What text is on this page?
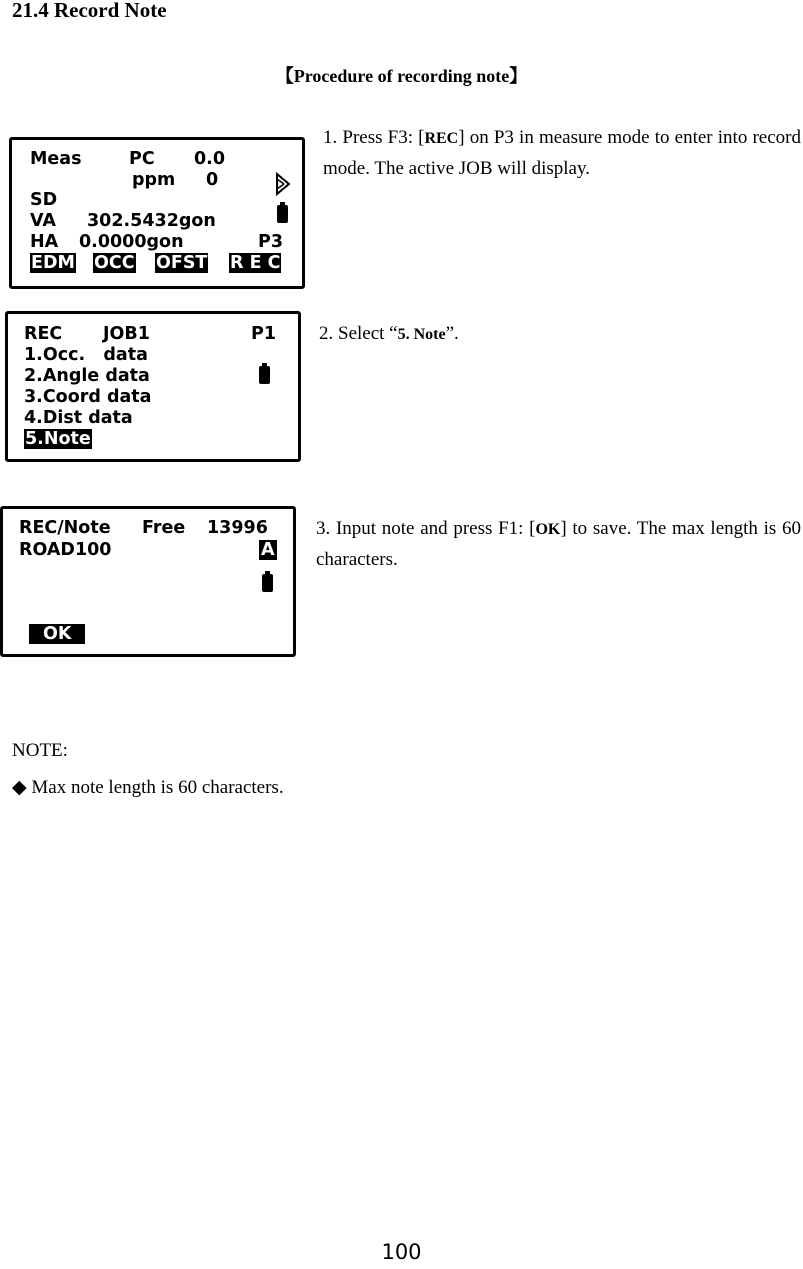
21.4 Record Note
【Procedure of recording note】
Meas	PC 0.0
ppm 0
SD
VA 302.5432gon
HA 0.0000gon	P3
EDM OCC OFST R E C
1. Press F3: [REC] on P3 in measure mode to enter into record mode. The active JOB will display.
REC JOB1	P1
1.Occ.   data
2.Angle data
3.Coord data
4.Dist data
5.Note
2. Select “5. Note”.
REC/Note Free 13996
ROAD100	A
OK
3. Input note and press F1: [OK] to save. The max length is 60 characters.
NOTE:
◆ Max note length is 60 characters.
100
